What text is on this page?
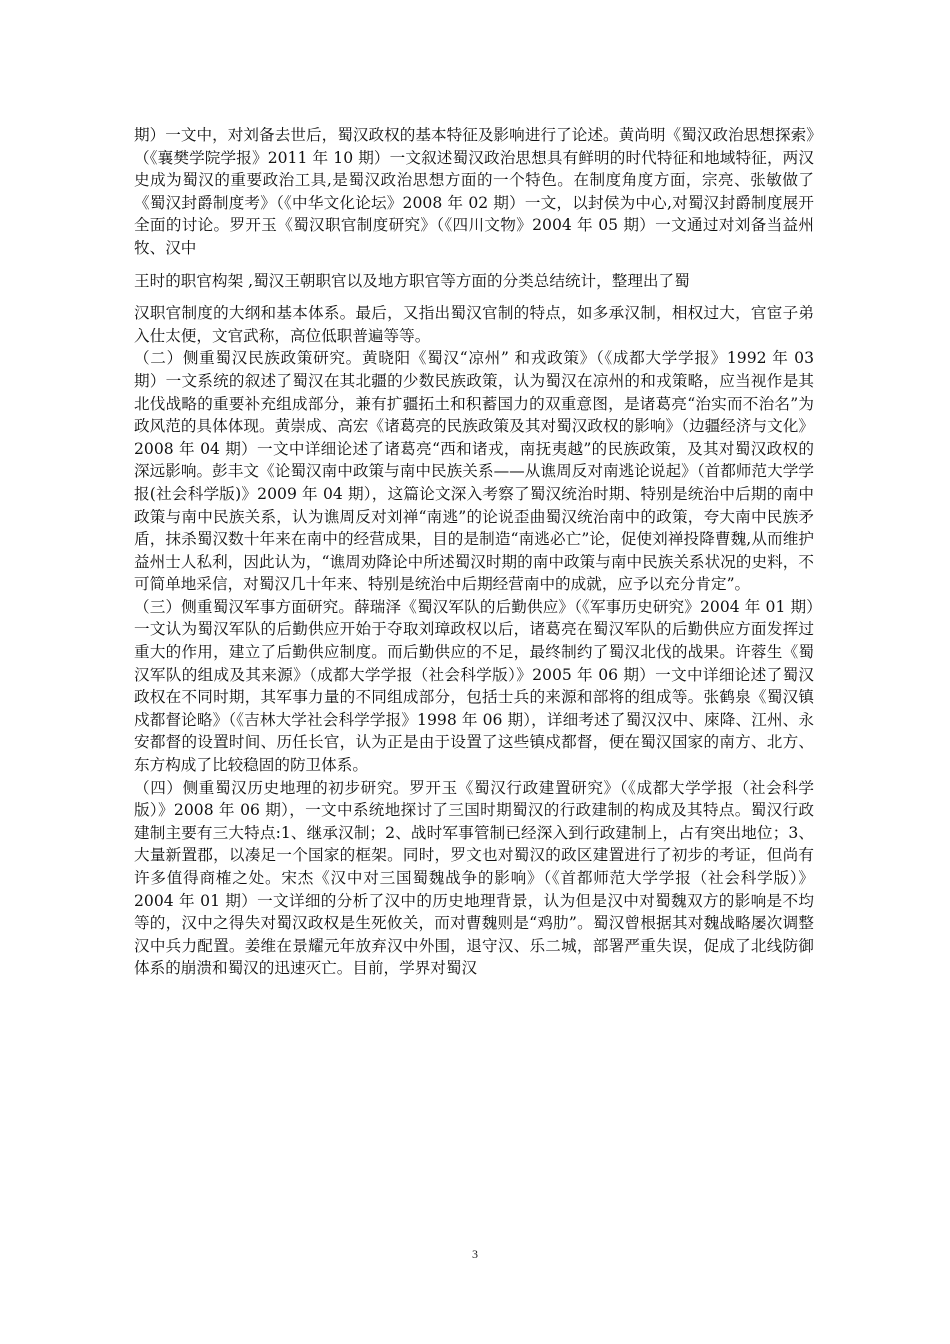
期）一文中，对刘备去世后，蜀汉政权的基本特征及影响进行了论述。黄尚明《蜀汉政治思想探索》（《襄樊学院学报》2011 年 10 期）一文叙述蜀汉政治思想具有鲜明的时代特征和地域特征，两汉史成为蜀汉的重要政治工具,是蜀汉政治思想方面的一个特色。在制度角度方面，宗亮、张敏做了《蜀汉封爵制度考》（《中华文化论坛》2008 年 02 期）一文，以封侯为中心,对蜀汉封爵制度展开全面的讨论。罗开玉《蜀汉职官制度研究》（《四川文物》2004 年 05 期）一文通过对刘备当益州牧、汉中

王时的职官构架 ,蜀汉王朝职官以及地方职官等方面的分类总结统计，整理出了蜀

汉职官制度的大纲和基本体系。最后，又指出蜀汉官制的特点，如多承汉制，相权过大，官宦子弟入仕太便，文官武称，高位低职普遍等等。

（二）侧重蜀汉民族政策研究。黄晓阳《蜀汉“凉州” 和戎政策》（《成都大学学报》1992 年 03 期）一文系统的叙述了蜀汉在其北疆的少数民族政策，认为蜀汉在凉州的和戎策略，应当视作是其北伐战略的重要补充组成部分，兼有扩疆拓土和积蓄国力的双重意图，是诸葛亮“治实而不治名”为政风范的具体体现。黄崇成、高宏《诸葛亮的民族政策及其对蜀汉政权的影响》（边疆经济与文化》2008 年 04 期）一文中详细论述了诸葛亮“西和诸戎，南抚夷越”的民族政策，及其对蜀汉政权的深远影响。彭丰文《论蜀汉南中政策与南中民族关系——从谯周反对南逃论说起》（首都师范大学学报(社会科学版)》2009 年 04 期），这篇论文深入考察了蜀汉统治时期、特别是统治中后期的南中政策与南中民族关系，认为谯周反对刘禅“南逃”的论说歪曲蜀汉统治南中的政策，夸大南中民族矛盾，抹杀蜀汉数十年来在南中的经营成果，目的是制造“南逃必亡”论，促使刘禅投降曹魏,从而维护益州士人私利，因此认为，“谯周劝降论中所述蜀汉时期的南中政策与南中民族关系状况的史料，不可简单地采信，对蜀汉几十年来、特别是统治中后期经营南中的成就，应予以充分肯定”。

（三）侧重蜀汉军事方面研究。薛瑞泽《蜀汉军队的后勤供应》（《军事历史研究》2004 年 01 期）一文认为蜀汉军队的后勤供应开始于夺取刘璋政权以后，诸葛亮在蜀汉军队的后勤供应方面发挥过重大的作用，建立了后勤供应制度。而后勤供应的不足，最终制约了蜀汉北伐的战果。许蓉生《蜀汉军队的组成及其来源》（成都大学学报（社会科学版）》2005 年 06 期）一文中详细论述了蜀汉政权在不同时期，其军事力量的不同组成部分，包括士兵的来源和部将的组成等。张鹤泉《蜀汉镇戍都督论略》（《吉林大学社会科学学报》1998 年 06 期），详细考述了蜀汉汉中、庲降、江州、永安都督的设置时间、历任长官，认为正是由于设置了这些镇戍都督，便在蜀汉国家的南方、北方、东方构成了比较稳固的防卫体系。

（四）侧重蜀汉历史地理的初步研究。罗开玉《蜀汉行政建置研究》（《成都大学学报（社会科学版）》2008 年 06 期），一文中系统地探讨了三国时期蜀汉的行政建制的构成及其特点。蜀汉行政建制主要有三大特点:1、继承汉制；2、战时军事管制已经深入到行政建制上，占有突出地位；3、大量新置郡，以凑足一个国家的框架。同时，罗文也对蜀汉的政区建置进行了初步的考证，但尚有许多值得商榷之处。宋杰《汉中对三国蜀魏战争的影响》（《首都师范大学学报（社会科学版）》2004 年 01 期）一文详细的分析了汉中的历史地理背景，认为但是汉中对蜀魏双方的影响是不均等的，汉中之得失对蜀汉政权是生死攸关，而对曹魏则是“鸡肋”。蜀汉曾根据其对魏战略屡次调整汉中兵力配置。姜维在景耀元年放弃汉中外围，退守汉、乐二城，部署严重失误，促成了北线防御体系的崩溃和蜀汉的迅速灭亡。目前，学界对蜀汉

3
